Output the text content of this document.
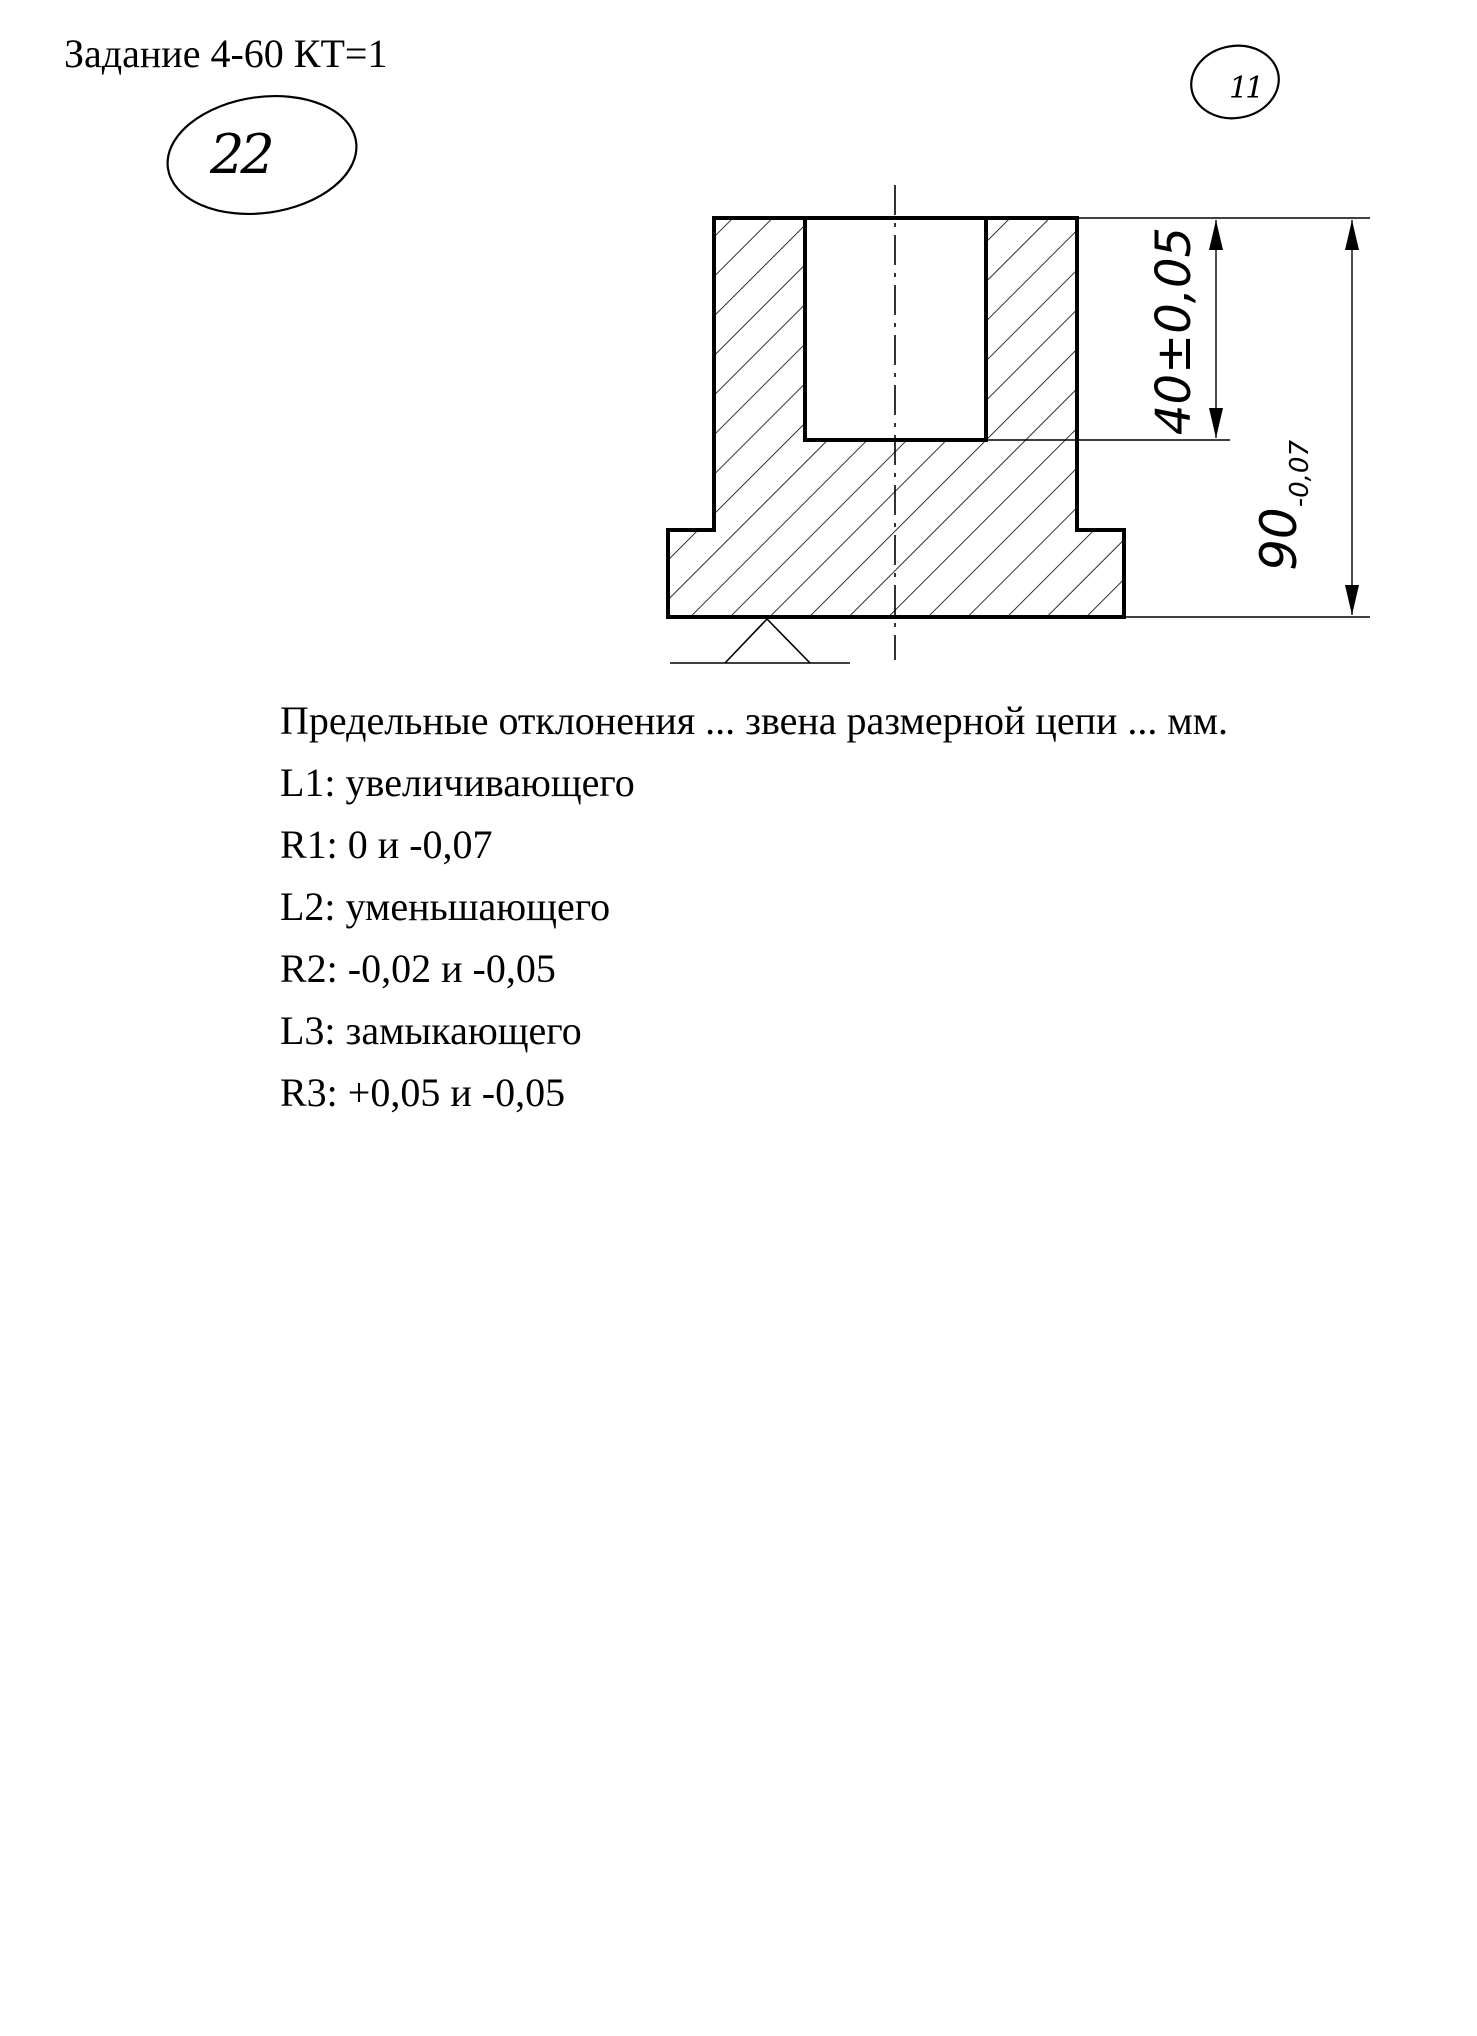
Задание 4-60 КТ=1
22
11
40±0,05
$90_{-0,07}$
Предельные отклонения ... звена размерной цепи ... мм.
L1: увеличивающего
R1: 0 и -0,07
L2: уменьшающего
R2: -0,02 и -0,05
L3: замыкающего
R3: +0,05 и -0,05
